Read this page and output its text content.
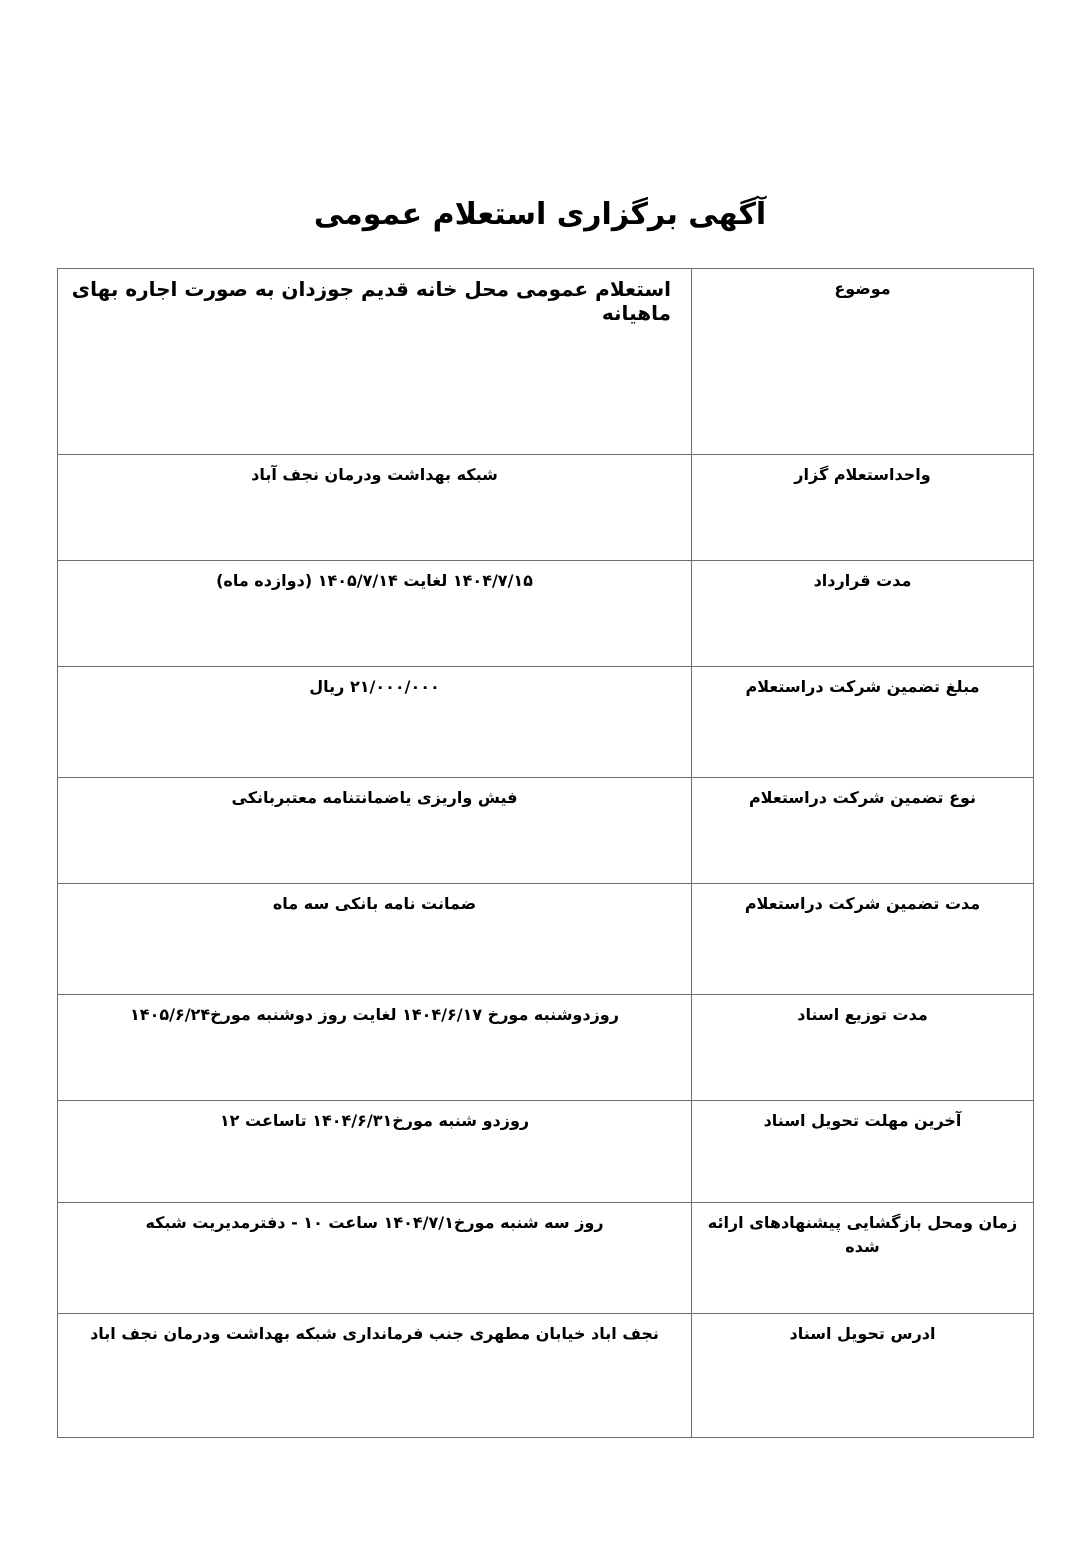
آگهی برگزاری استعلام عمومی
موضوع	استعلام عمومی محل خانه قدیم جوزدان به صورت اجاره بهای ماهیانه
واحداستعلام گزار	شبکه بهداشت ودرمان نجف آباد
مدت قرارداد	۱۴۰۴/۷/۱۵ لغایت ۱۴۰۵/۷/۱۴ (دوازده ماه)
مبلغ تضمین شرکت دراستعلام	۲۱/۰۰۰/۰۰۰ ریال
نوع تضمین شرکت دراستعلام	فیش واریزی یاضمانتنامه معتبربانکی
مدت تضمین شرکت دراستعلام	ضمانت نامه بانکی سه ماه
مدت توزیع اسناد	روزدوشنبه مورخ ۱۴۰۴/۶/۱۷ لغایت روز دوشنبه مورخ۱۴۰۵/۶/۲۴
آخرین مهلت تحویل اسناد	روزدو شنبه مورخ۱۴۰۴/۶/۳۱ تاساعت ۱۲
زمان ومحل بازگشایی پیشنهادهای ارائه شده	روز سه شنبه مورخ۱۴۰۴/۷/۱ ساعت ۱۰ - دفترمدیریت شبکه
ادرس تحویل اسناد	نجف اباد خیابان مطهری جنب فرمانداری شبکه بهداشت ودرمان نجف اباد
